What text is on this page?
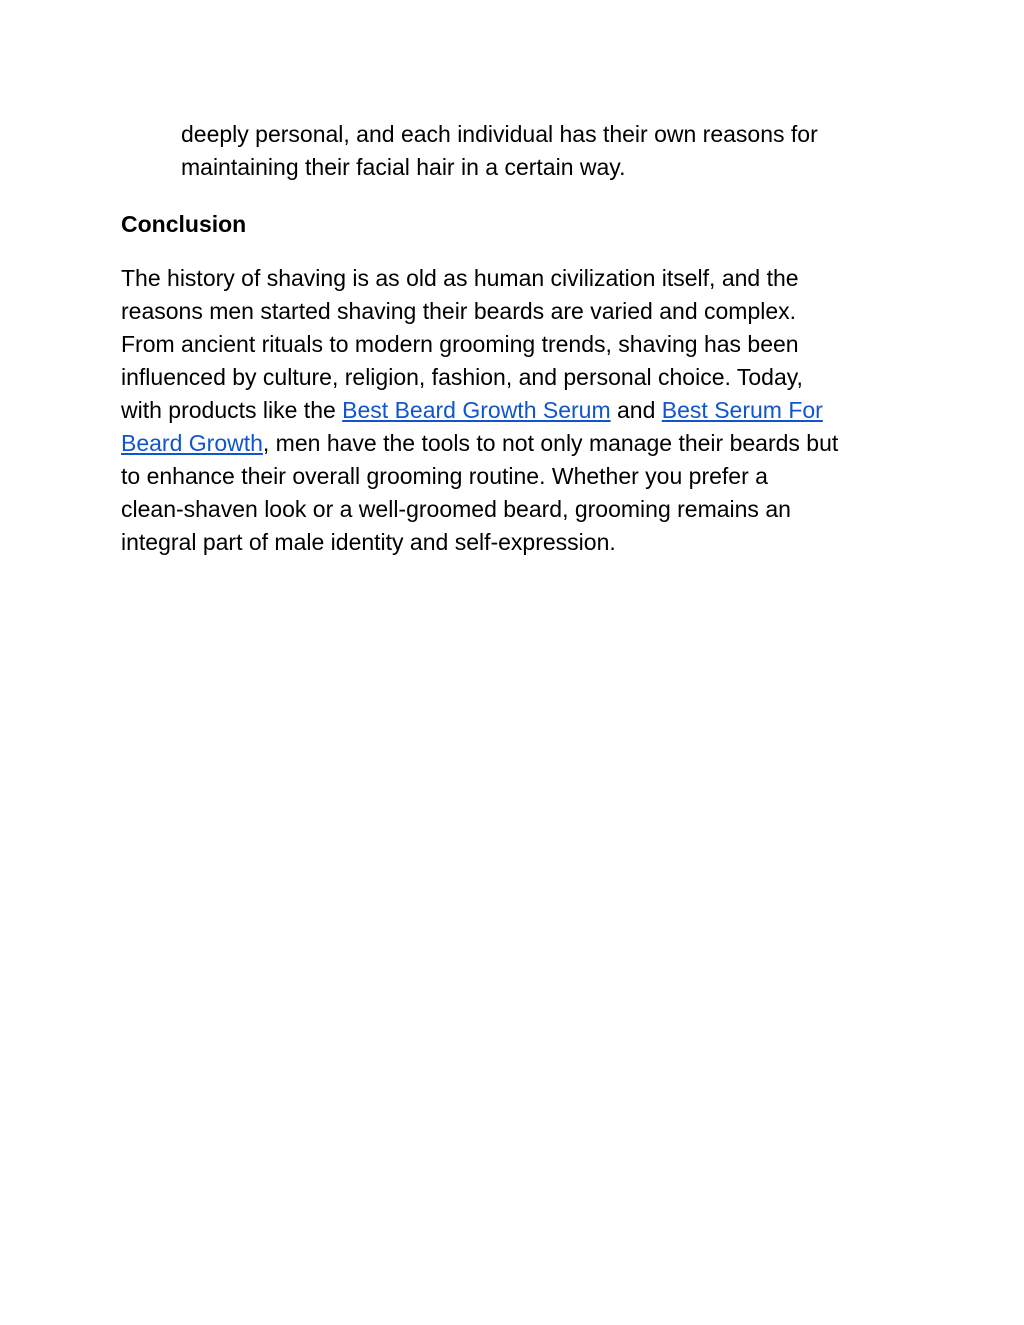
deeply personal, and each individual has their own reasons for
maintaining their facial hair in a certain way.

Conclusion

The history of shaving is as old as human civilization itself, and the
reasons men started shaving their beards are varied and complex.
From ancient rituals to modern grooming trends, shaving has been
influenced by culture, religion, fashion, and personal choice. Today,
with products like the Best Beard Growth Serum and Best Serum For
Beard Growth, men have the tools to not only manage their beards but
to enhance their overall grooming routine. Whether you prefer a
clean-shaven look or a well-groomed beard, grooming remains an
integral part of male identity and self-expression.
